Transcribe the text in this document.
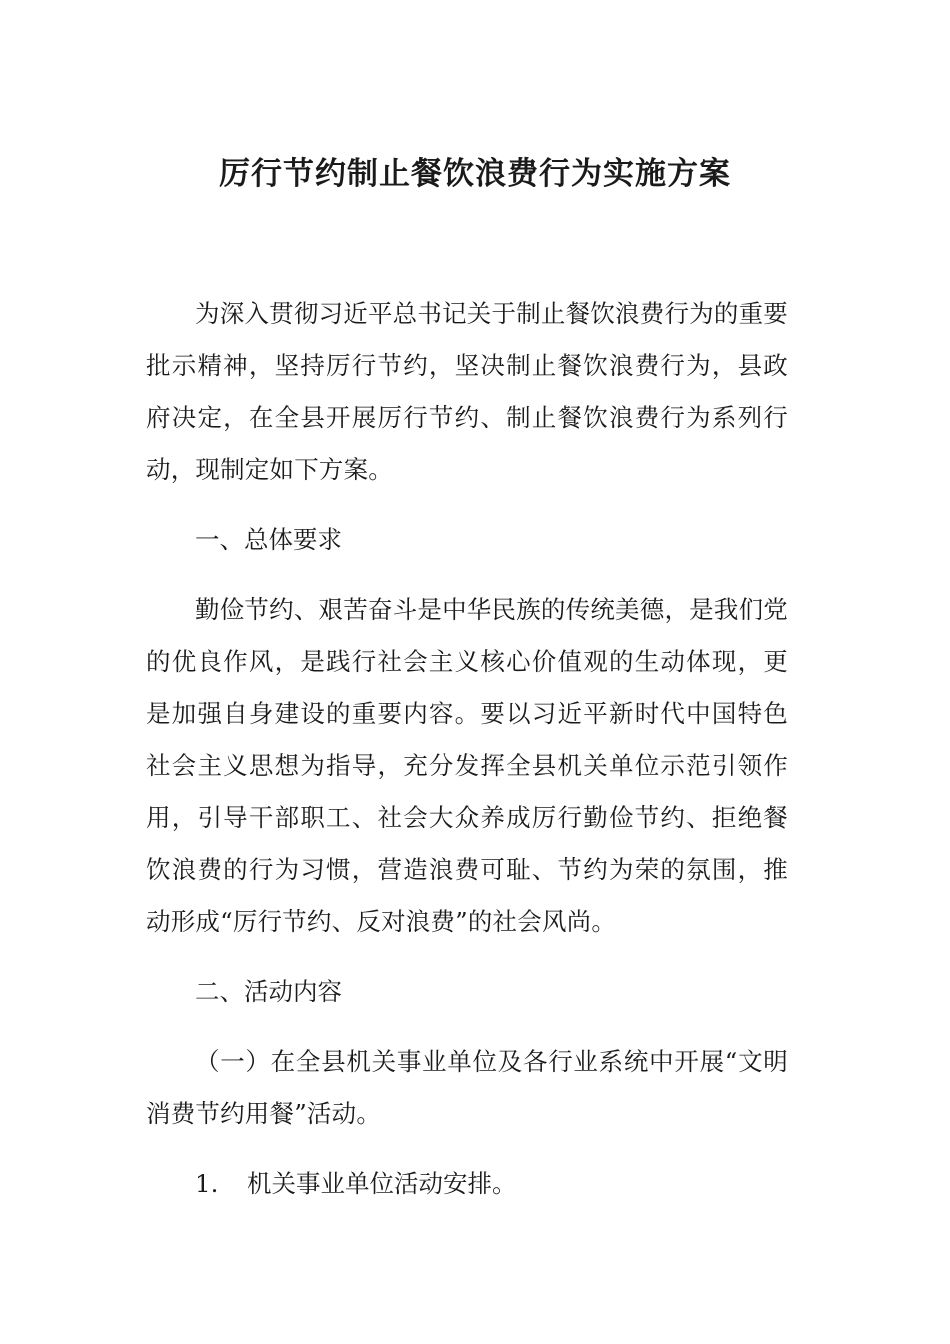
厉行节约制止餐饮浪费行为实施方案

为深入贯彻习近平总书记关于制止餐饮浪费行为的重要批示精神，坚持厉行节约，坚决制止餐饮浪费行为，县政府决定，在全县开展厉行节约、制止餐饮浪费行为系列行动，现制定如下方案。

一、总体要求

勤俭节约、艰苦奋斗是中华民族的传统美德，是我们党的优良作风，是践行社会主义核心价值观的生动体现，更是加强自身建设的重要内容。要以习近平新时代中国特色社会主义思想为指导，充分发挥全县机关单位示范引领作用，引导干部职工、社会大众养成厉行勤俭节约、拒绝餐饮浪费的行为习惯，营造浪费可耻、节约为荣的氛围，推动形成“厉行节约、反对浪费”的社会风尚。

二、活动内容

（一）在全县机关事业单位及各行业系统中开展“文明消费节约用餐”活动。

1. 机关事业单位活动安排。
